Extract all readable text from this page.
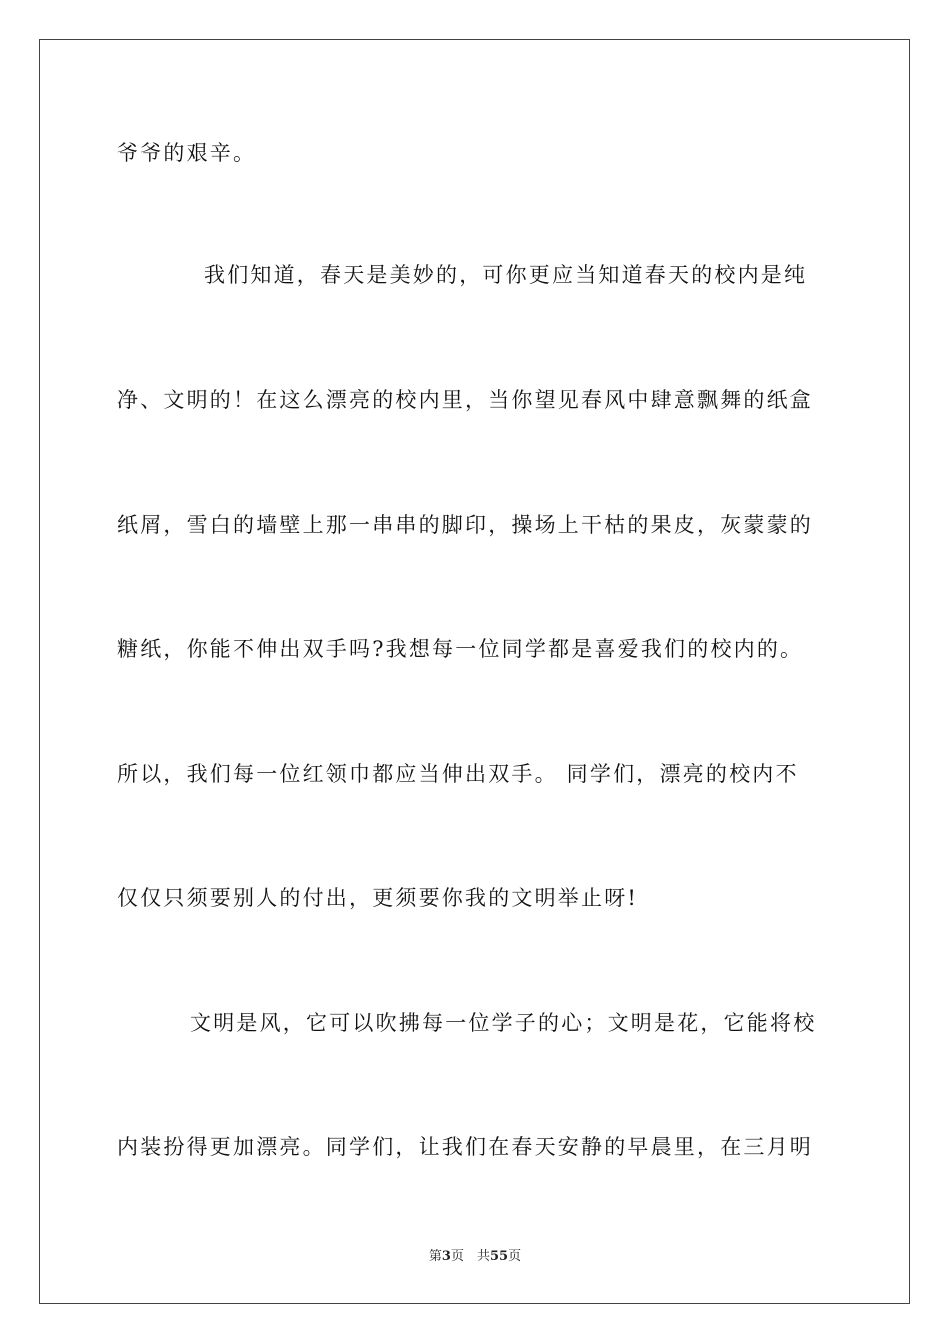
爷爷的艰辛。
我们知道，春天是美妙的，可你更应当知道春天的校内是纯
净、文明的！在这么漂亮的校内里，当你望见春风中肆意飘舞的纸盒
纸屑，雪白的墙壁上那一串串的脚印，操场上干枯的果皮，灰蒙蒙的
糖纸，你能不伸出双手吗?我想每一位同学都是喜爱我们的校内的。
所以，我们每一位红领巾都应当伸出双手。 同学们，漂亮的校内不
仅仅只须要别人的付出，更须要你我的文明举止呀!
文明是风，它可以吹拂每一位学子的心；文明是花，它能将校
内装扮得更加漂亮。同学们，让我们在春天安静的早晨里，在三月明
第3页　共55页
